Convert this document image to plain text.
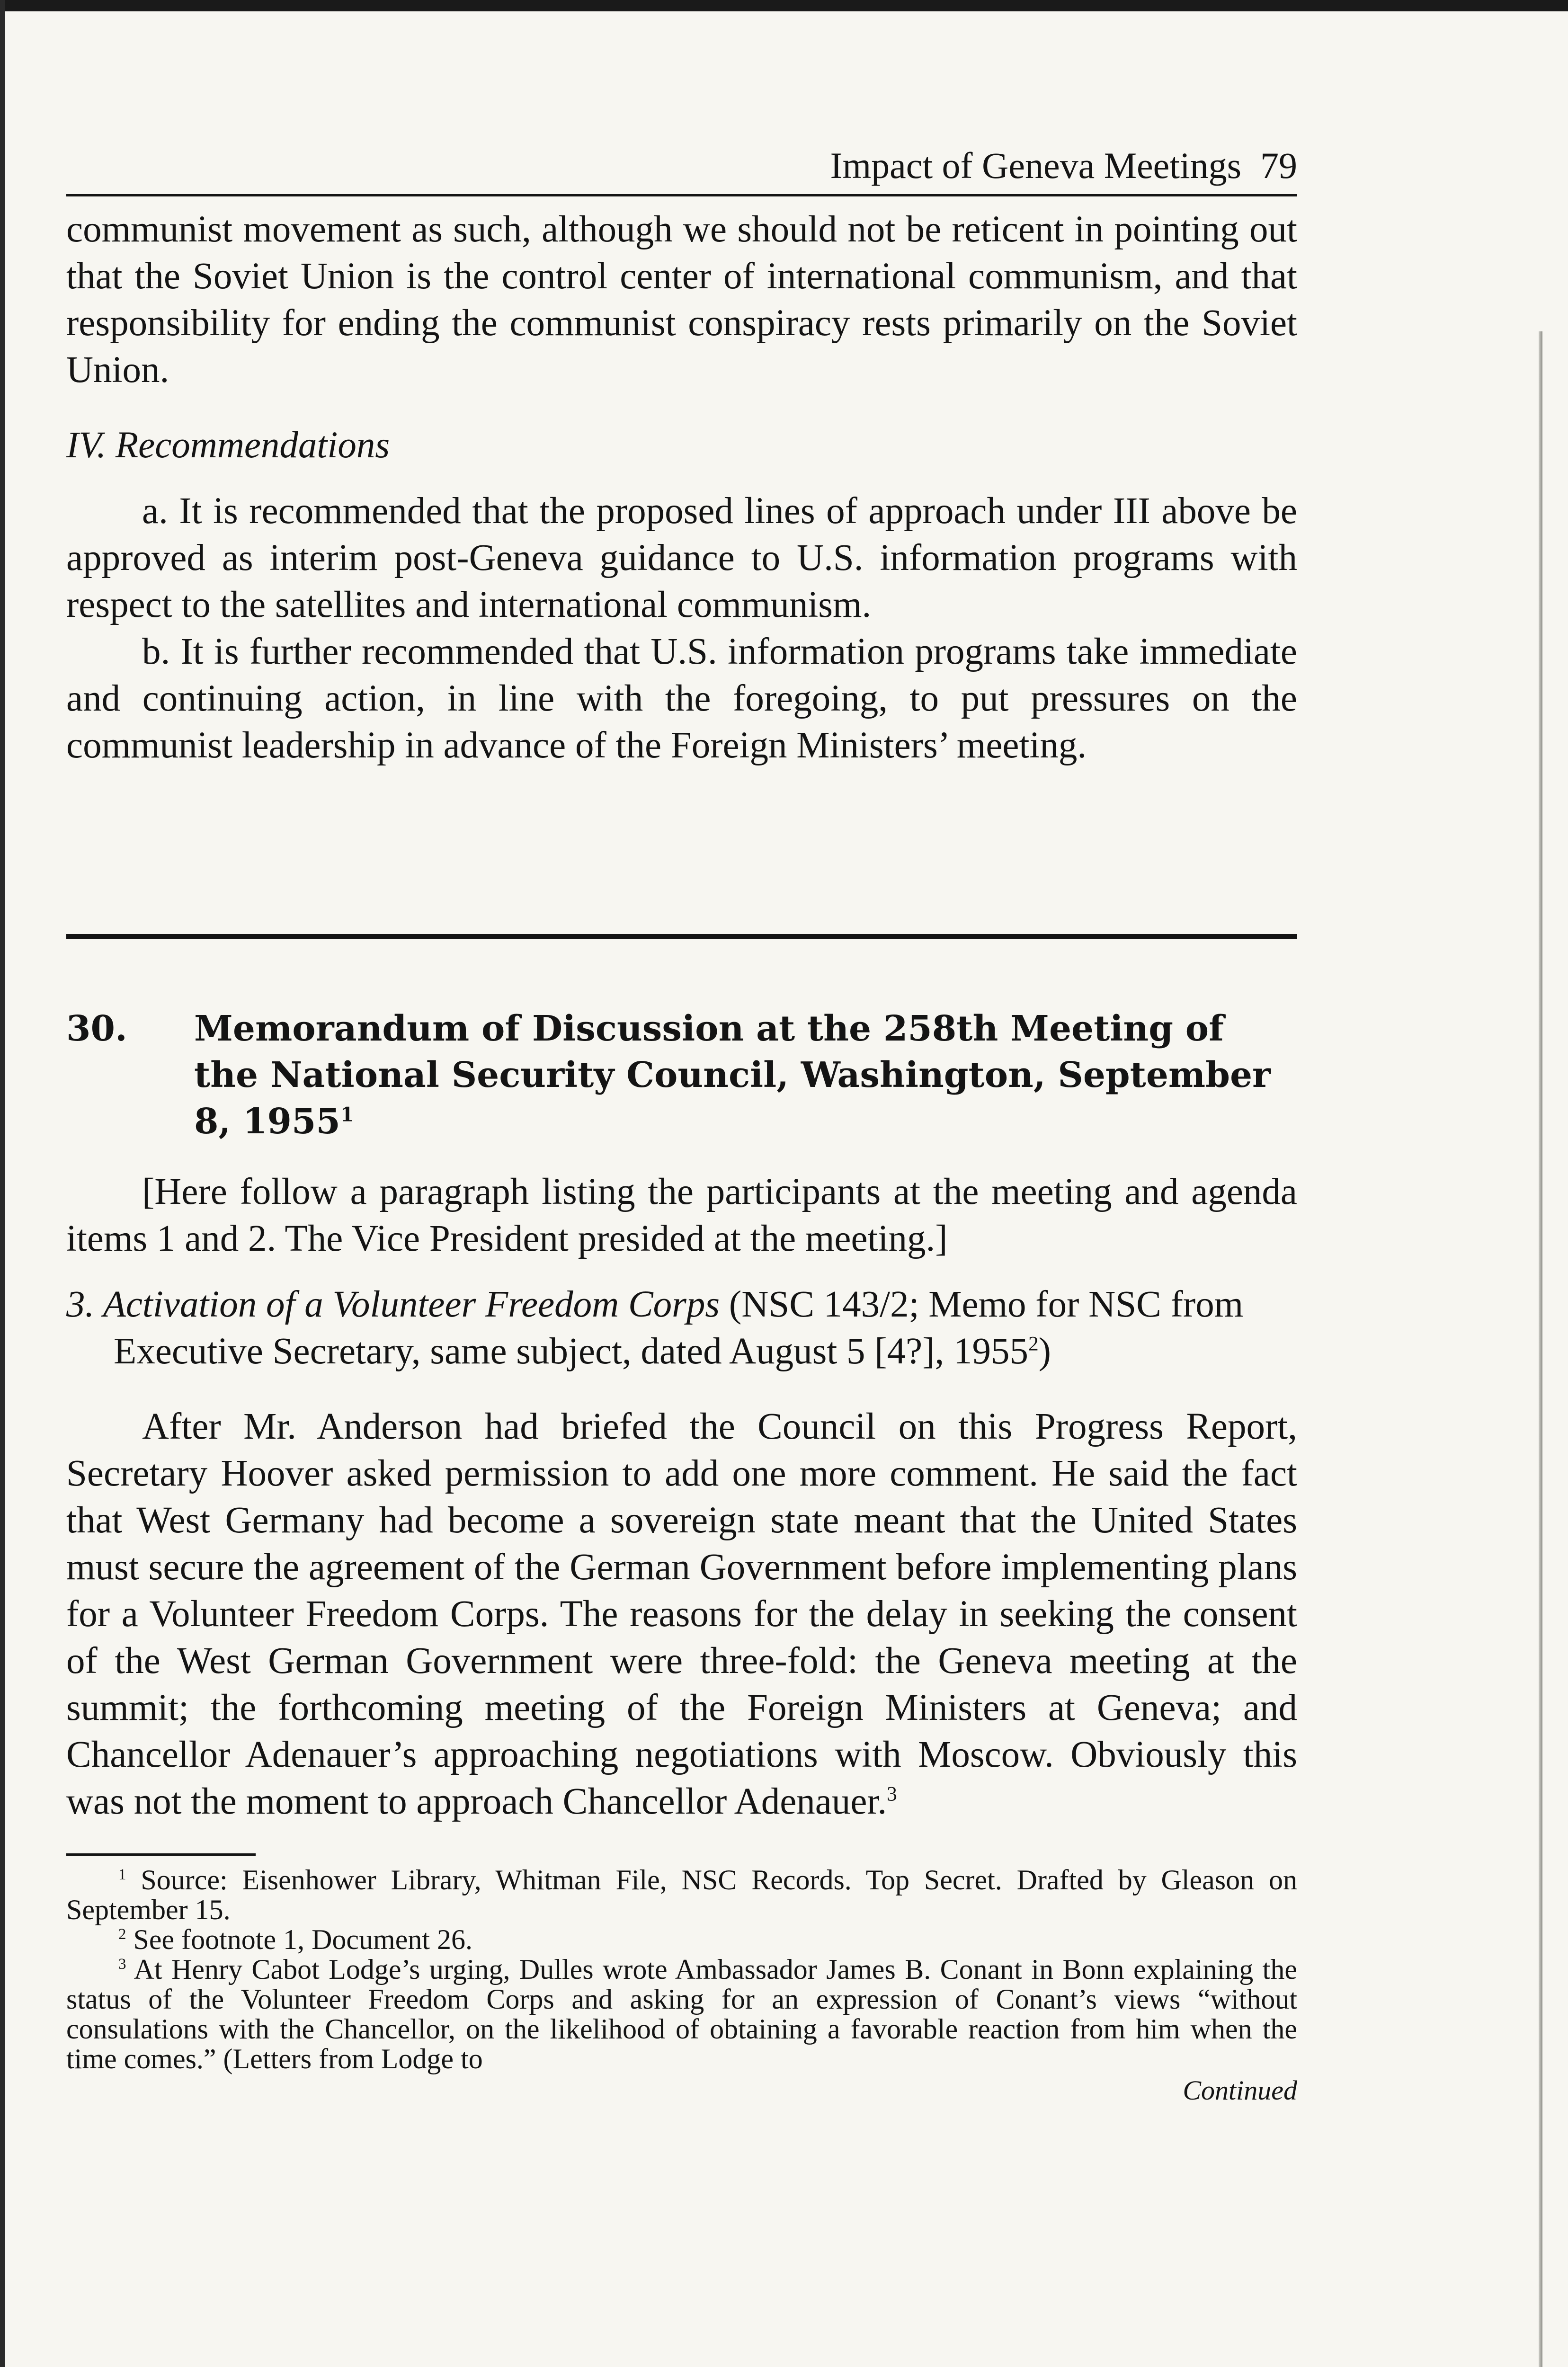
Impact of Geneva Meetings 79

communist movement as such, although we should not be reticent in pointing out that the Soviet Union is the control center of international communism, and that responsibility for ending the communist conspiracy rests primarily on the Soviet Union.

IV. Recommendations

a. It is recommended that the proposed lines of approach under III above be approved as interim post-Geneva guidance to U.S. information programs with respect to the satellites and international communism.

b. It is further recommended that U.S. information programs take immediate and continuing action, in line with the foregoing, to put pressures on the communist leadership in advance of the Foreign Ministers’ meeting.

30.	Memorandum of Discussion at the 258th Meeting of the National Security Council, Washington, September 8, 1955$^1$

[Here follow a paragraph listing the participants at the meeting and agenda items 1 and 2. The Vice President presided at the meeting.]

3. Activation of a Volunteer Freedom Corps (NSC 143/2; Memo for NSC from Executive Secretary, same subject, dated August 5 [4?], 1955$^2$)

After Mr. Anderson had briefed the Council on this Progress Report, Secretary Hoover asked permission to add one more comment. He said the fact that West Germany had become a sovereign state meant that the United States must secure the agreement of the German Government before implementing plans for a Volunteer Freedom Corps. The reasons for the delay in seeking the consent of the West German Government were three-fold: the Geneva meeting at the summit; the forthcoming meeting of the Foreign Ministers at Geneva; and Chancellor Adenauer’s approaching negotiations with Moscow. Obviously this was not the moment to approach Chancellor Adenauer.$^3$

$^1$ Source: Eisenhower Library, Whitman File, NSC Records. Top Secret. Drafted by Gleason on September 15.

$^2$ See footnote 1, Document 26.

$^3$ At Henry Cabot Lodge’s urging, Dulles wrote Ambassador James B. Conant in Bonn explaining the status of the Volunteer Freedom Corps and asking for an expression of Conant’s views “without consulations with the Chancellor, on the likelihood of obtaining a favorable reaction from him when the time comes.” (Letters from Lodge to

Continued
